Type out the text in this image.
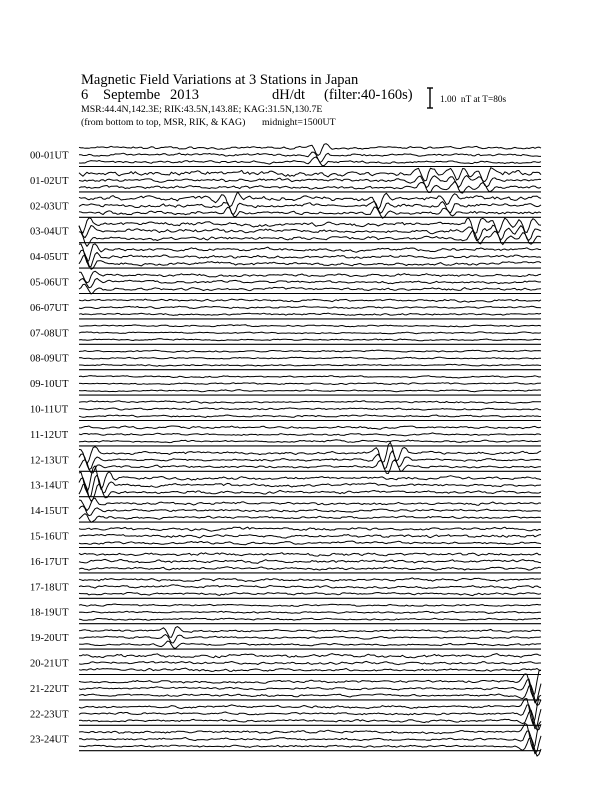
Magnetic Field Variations at 3 Stations in Japan
6 Septembe 2013	dH/dt (filter:40-160s)
MSR:44.4N,142.3E; RIK:43.5N,143.8E; KAG:31.5N,130.7E
(from bottom to top, MSR, RIK, & KAG) midnight=1500UT
1.00  nT at T=80s
00-01UT
01-02UT
02-03UT
03-04UT
04-05UT
05-06UT
06-07UT
07-08UT
08-09UT
09-10UT
10-11UT
11-12UT
12-13UT
13-14UT
14-15UT
15-16UT
16-17UT
17-18UT
18-19UT
19-20UT
20-21UT
21-22UT
22-23UT
23-24UT
